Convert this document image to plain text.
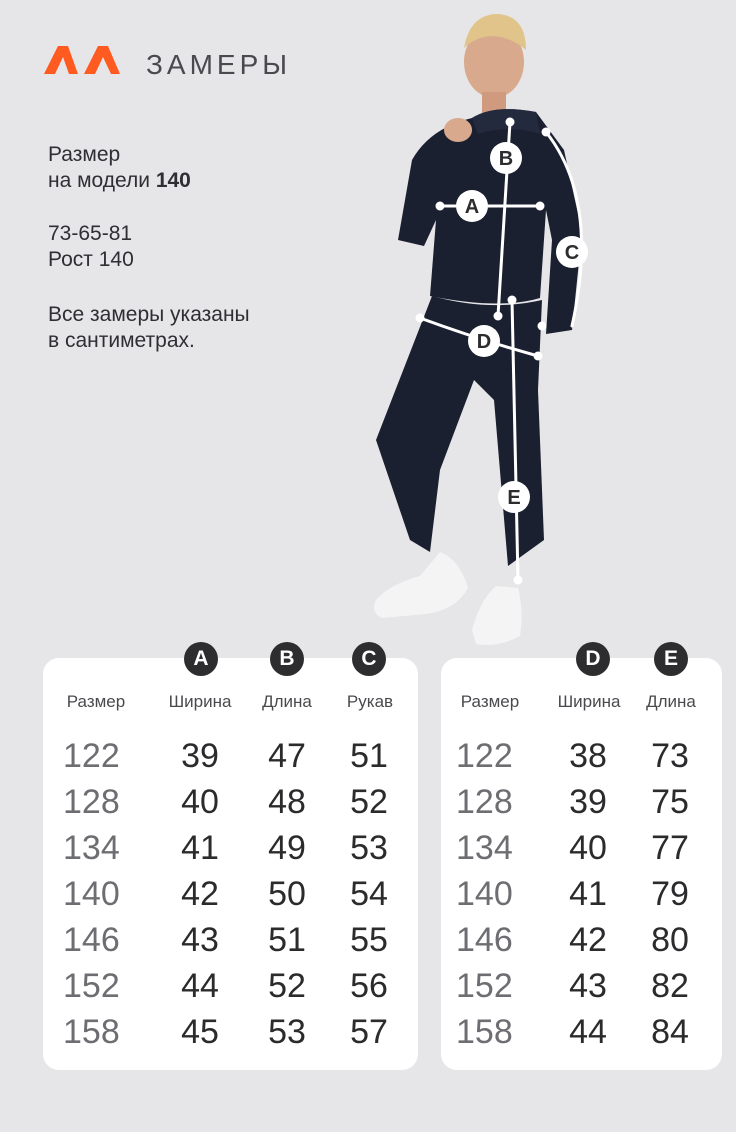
ЗАМЕРЫ
Размер
на модели 140
73-65-81
Рост 140
Все замеры указаны
в сантиметрах.
A
B
C
D
E
122	39	47	51
128	40	48	52
134	41	49	53
140	42	50	54
146	43	51	55
152	44	52	56
158	45	53	57
A	B	C
Размер	Ширина	Длина	Рукав
122	38	73
128	39	75
134	40	77
140	41	79
146	42	80
152	43	82
158	44	84
D	E
Размер	Ширина	Длина
